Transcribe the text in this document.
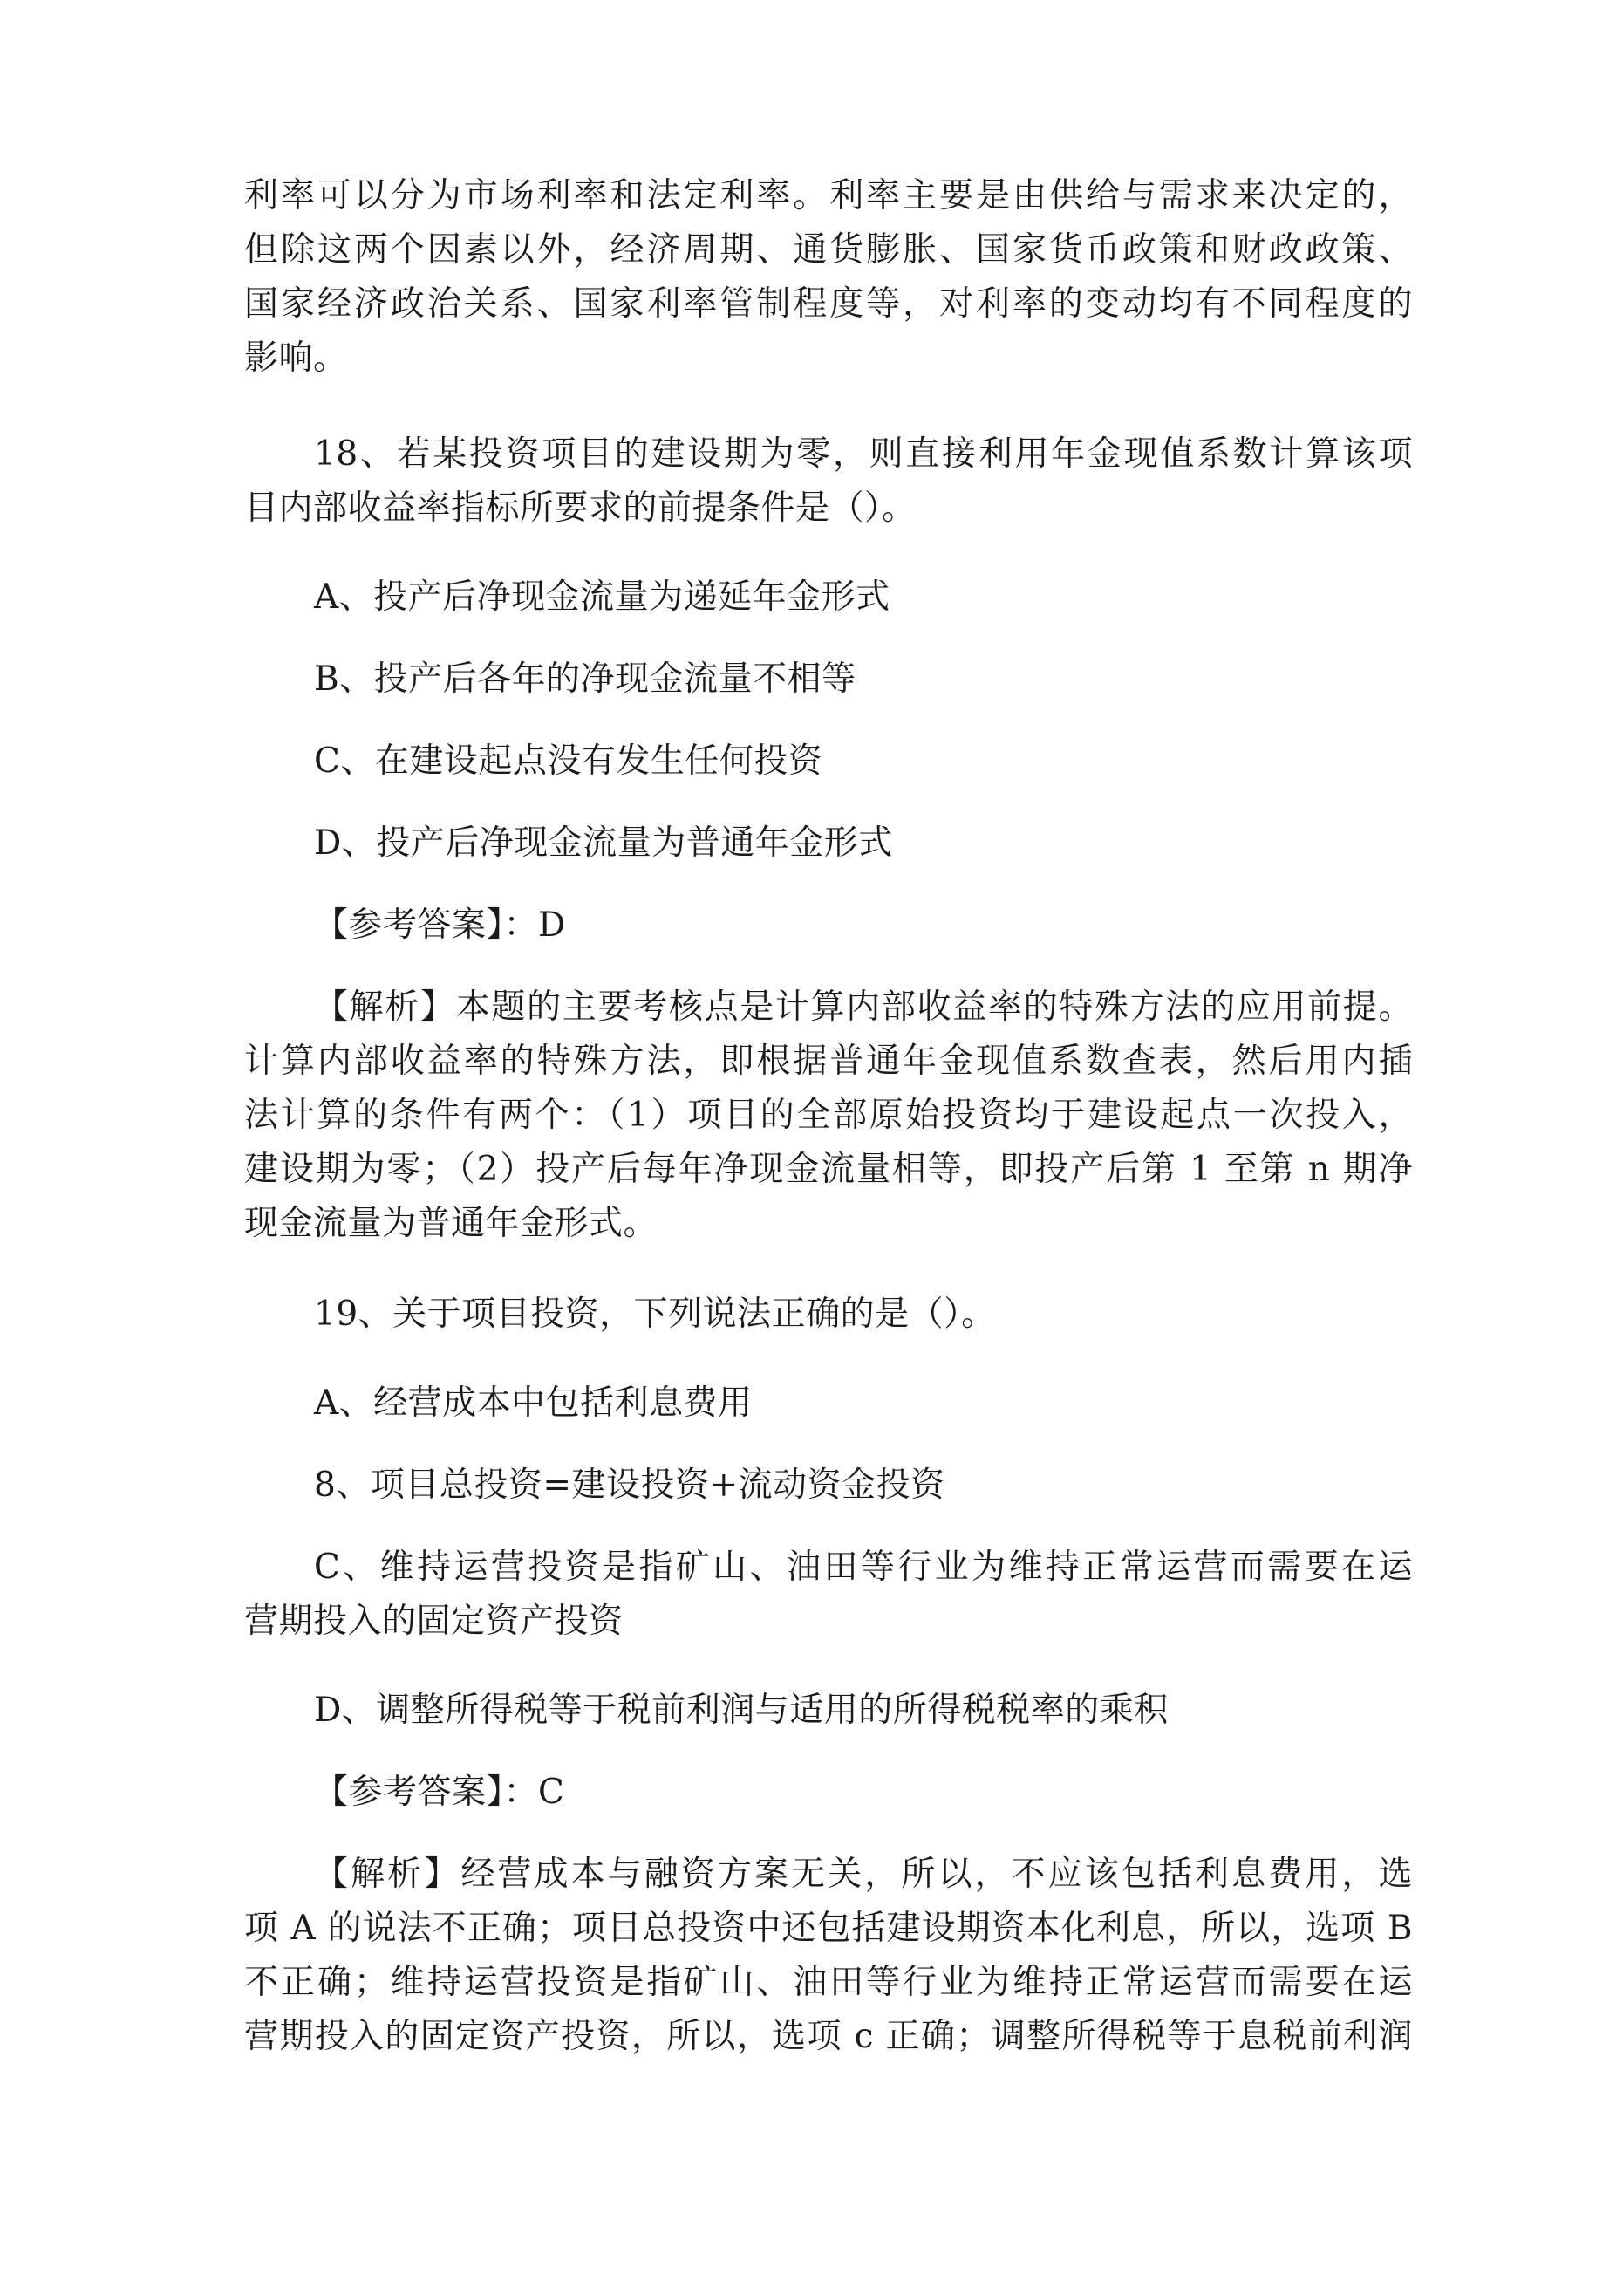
利率可以分为市场利率和法定利率。利率主要是由供给与需求来决定的，
但除这两个因素以外，经济周期、通货膨胀、国家货币政策和财政政策、
国家经济政治关系、国家利率管制程度等，对利率的变动均有不同程度的
影响。
18、若某投资项目的建设期为零，则直接利用年金现值系数计算该项
目内部收益率指标所要求的前提条件是（）。
A、投产后净现金流量为递延年金形式
B、投产后各年的净现金流量不相等
C、在建设起点没有发生任何投资
D、投产后净现金流量为普通年金形式
【参考答案】：D
【解析】本题的主要考核点是计算内部收益率的特殊方法的应用前提。
计算内部收益率的特殊方法，即根据普通年金现值系数查表，然后用内插
法计算的条件有两个：（1）项目的全部原始投资均于建设起点一次投入，
建设期为零；（2）投产后每年净现金流量相等，即投产后第 1 至第 n 期净
现金流量为普通年金形式。
19、关于项目投资，下列说法正确的是（）。
A、经营成本中包括利息费用
8、项目总投资=建设投资+流动资金投资
C、维持运营投资是指矿山、油田等行业为维持正常运营而需要在运
营期投入的固定资产投资
D、调整所得税等于税前利润与适用的所得税税率的乘积
【参考答案】：C
【解析】经营成本与融资方案无关，所以，不应该包括利息费用，选
项 A 的说法不正确；项目总投资中还包括建设期资本化利息，所以，选项 B
不正确；维持运营投资是指矿山、油田等行业为维持正常运营而需要在运
营期投入的固定资产投资，所以，选项 c 正确；调整所得税等于息税前利润
